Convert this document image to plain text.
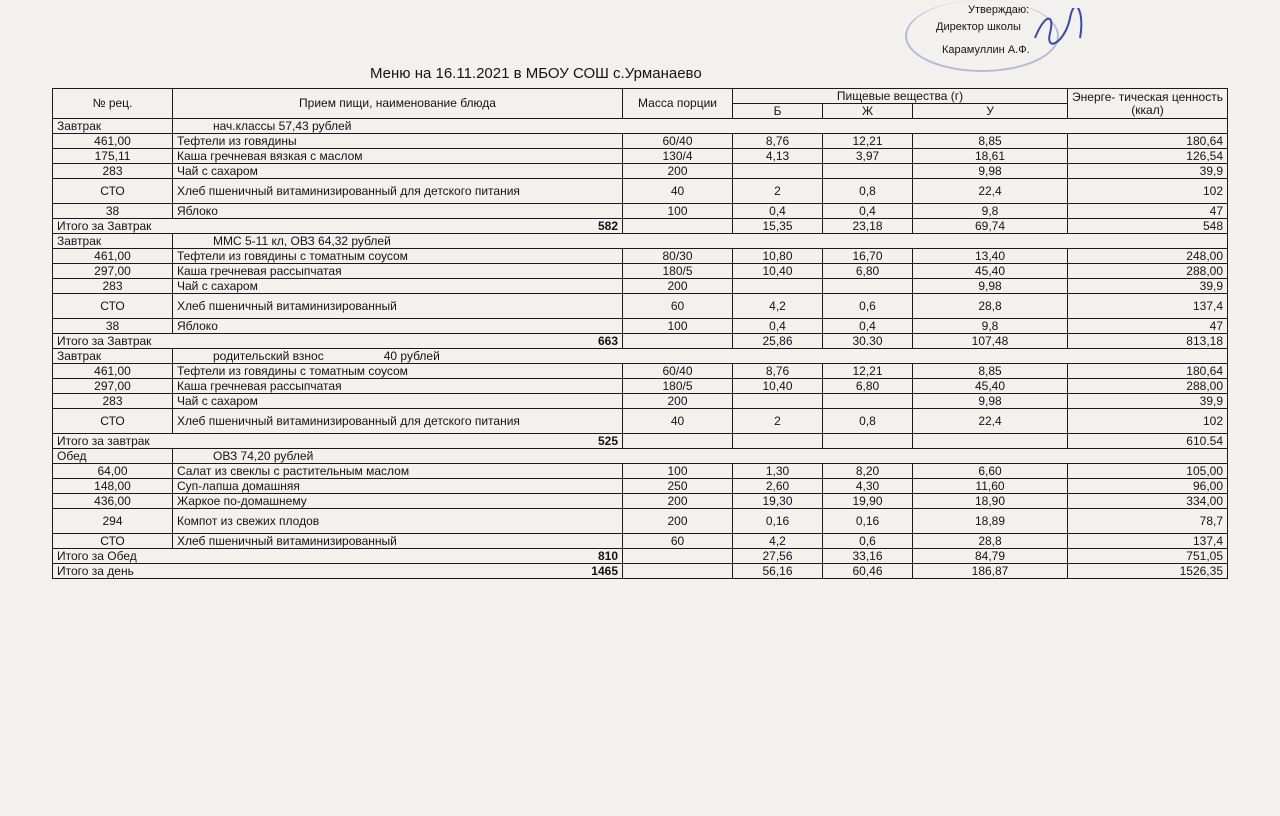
Утверждаю:
Директор школы
Карамуллин А.Ф.
Меню на 16.11.2021 в МБОУ СОШ с.Урманаево
№ рец.	Прием пищи, наименование блюда	Масса порции	Пищевые вещества (г)			Энерге- тическая ценность (ккал)
			Б	Ж	У	
Завтрак	нач.классы 57,43 рублей					
461,00	Тефтели из говядины	60/40	8,76	12,21	8,85	180,64
175,11	Каша гречневая вязкая с маслом	130/4	4,13	3,97	18,61	126,54
283	Чай с сахаром	200			9,98	39,9
СТО	Хлеб пшеничный витаминизированный для детского питания	40	2	0,8	22,4	102
38	Яблоко	100	0,4	0,4	9,8	47
Итого за Завтрак 582			15,35	23,18	69,74	548
Завтрак	ММС 5-11 кл, ОВЗ 64,32 рублей					
461,00	Тефтели из говядины с томатным соусом	80/30	10,80	16,70	13,40	248,00
297,00	Каша гречневая рассыпчатая	180/5	10,40	6,80	45,40	288,00
283	Чай с сахаром	200			9,98	39,9
СТО	Хлеб пшеничный витаминизированный	60	4,2	0,6	28,8	137,4
38	Яблоко	100	0,4	0,4	9,8	47
Итого за Завтрак 663			25,86	30.30	107,48	813,18
Завтрак	родительский взнос 40 рублей					
461,00	Тефтели из говядины с томатным соусом	60/40	8,76	12,21	8,85	180,64
297,00	Каша гречневая рассыпчатая	180/5	10,40	6,80	45,40	288,00
283	Чай с сахаром	200			9,98	39,9
СТО	Хлеб пшеничный витаминизированный для детского питания	40	2	0,8	22,4	102
Итого за завтрак 525						610.54
Обед	ОВЗ 74,20 рублей					
64,00	Салат из свеклы с растительным маслом	100	1,30	8,20	6,60	105,00
148,00	Суп-лапша домашняя	250	2,60	4,30	11,60	96,00
436,00	Жаркое по-домашнему	200	19,30	19,90	18,90	334,00
294	Компот из свежих плодов	200	0,16	0,16	18,89	78,7
СТО	Хлеб пшеничный витаминизированный	60	4,2	0,6	28,8	137,4
Итого за Обед 810			27,56	33,16	84,79	751,05
Итого за день 1465			56,16	60,46	186,87	1526,35
